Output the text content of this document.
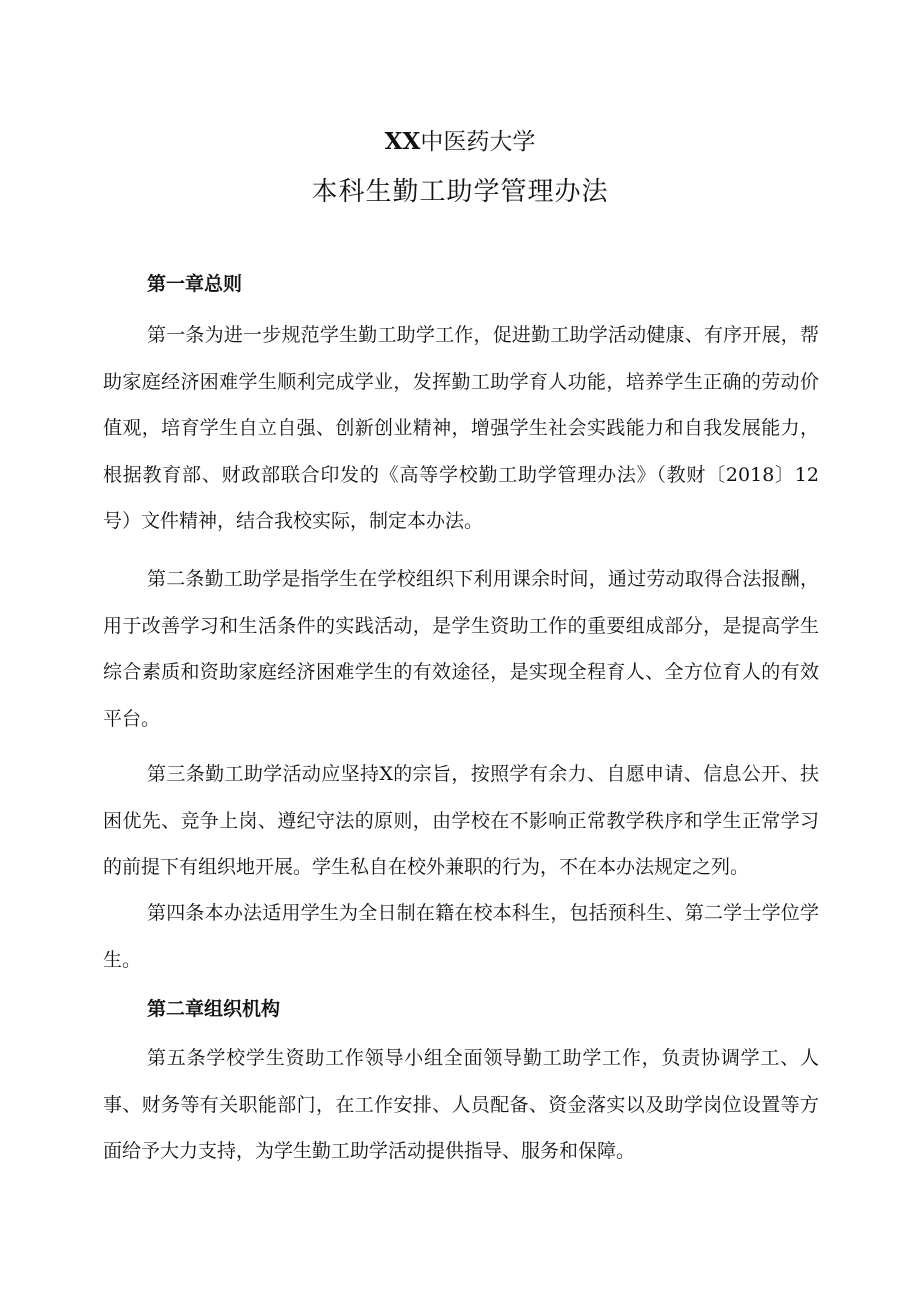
XX中医药大学
本科生勤工助学管理办法
第一章总则
第一条为进一步规范学生勤工助学工作，促进勤工助学活动健康、有序开展，帮助家庭经济困难学生顺利完成学业，发挥勤工助学育人功能，培养学生正确的劳动价值观，培育学生自立自强、创新创业精神，增强学生社会实践能力和自我发展能力，根据教育部、财政部联合印发的《高等学校勤工助学管理办法》（教财〔2018〕12号）文件精神，结合我校实际，制定本办法。
第二条勤工助学是指学生在学校组织下利用课余时间，通过劳动取得合法报酬，用于改善学习和生活条件的实践活动，是学生资助工作的重要组成部分，是提高学生综合素质和资助家庭经济困难学生的有效途径，是实现全程育人、全方位育人的有效平台。
第三条勤工助学活动应坚持X的宗旨，按照学有余力、自愿申请、信息公开、扶困优先、竞争上岗、遵纪守法的原则，由学校在不影响正常教学秩序和学生正常学习的前提下有组织地开展。学生私自在校外兼职的行为，不在本办法规定之列。
第四条本办法适用学生为全日制在籍在校本科生，包括预科生、第二学士学位学生。
第二章组织机构
第五条学校学生资助工作领导小组全面领导勤工助学工作，负责协调学工、人事、财务等有关职能部门，在工作安排、人员配备、资金落实以及助学岗位设置等方面给予大力支持，为学生勤工助学活动提供指导、服务和保障。
